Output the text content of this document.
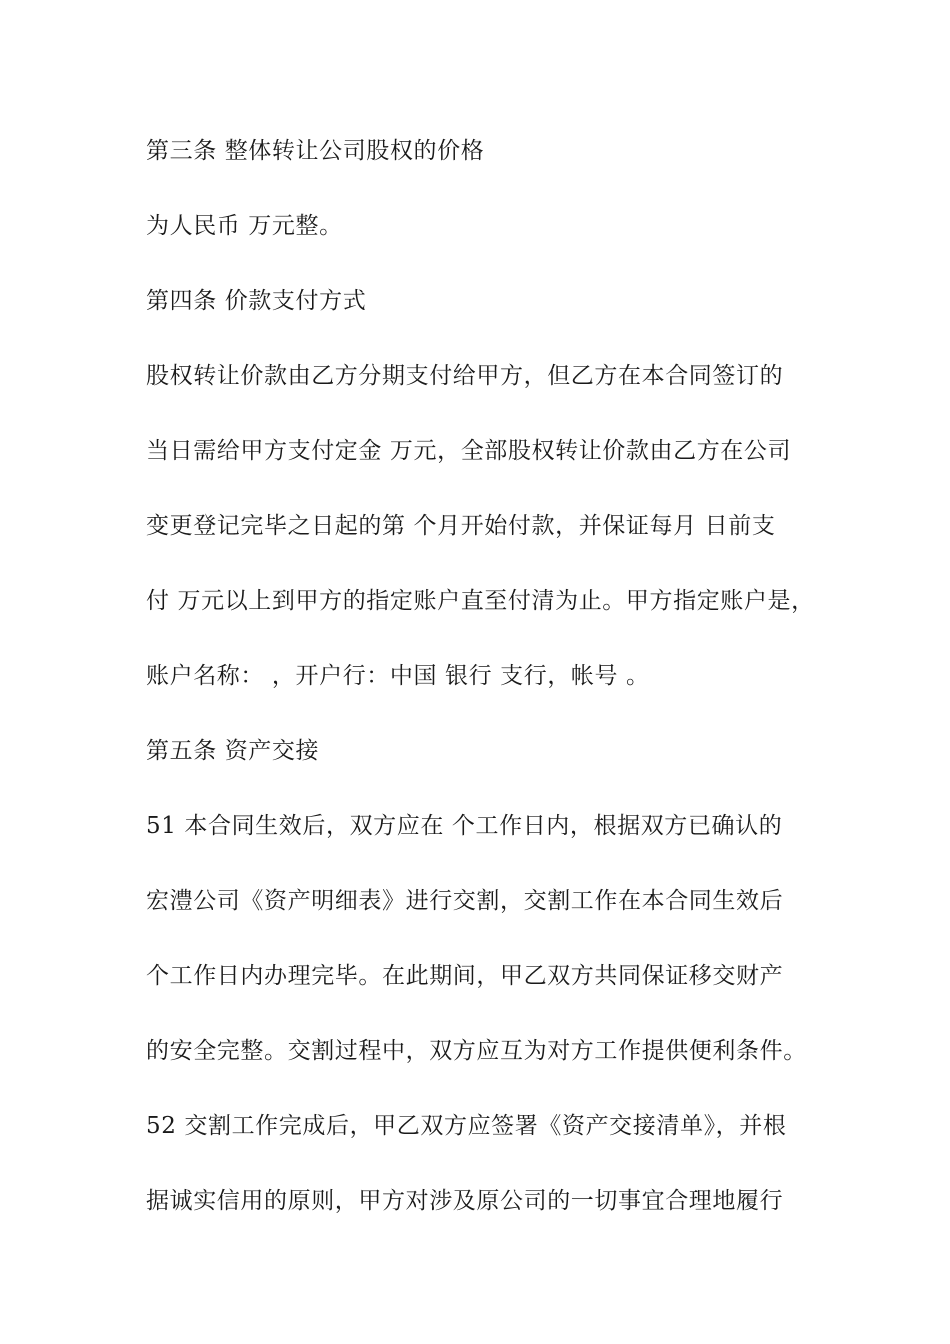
第三条 整体转让公司股权的价格
为人民币 万元整。
第四条 价款支付方式
股权转让价款由乙方分期支付给甲方，但乙方在本合同签订的
当日需给甲方支付定金 万元，全部股权转让价款由乙方在公司
变更登记完毕之日起的第 个月开始付款，并保证每月 日前支
付 万元以上到甲方的指定账户直至付清为止。甲方指定账户是，
账户名称： ，开户行：中国 银行 支行，帐号 。
第五条 资产交接
51 本合同生效后，双方应在 个工作日内，根据双方已确认的
宏澧公司《资产明细表》进行交割，交割工作在本合同生效后
个工作日内办理完毕。在此期间，甲乙双方共同保证移交财产
的安全完整。交割过程中，双方应互为对方工作提供便利条件。
52 交割工作完成后，甲乙双方应签署《资产交接清单》，并根
据诚实信用的原则，甲方对涉及原公司的一切事宜合理地履行
